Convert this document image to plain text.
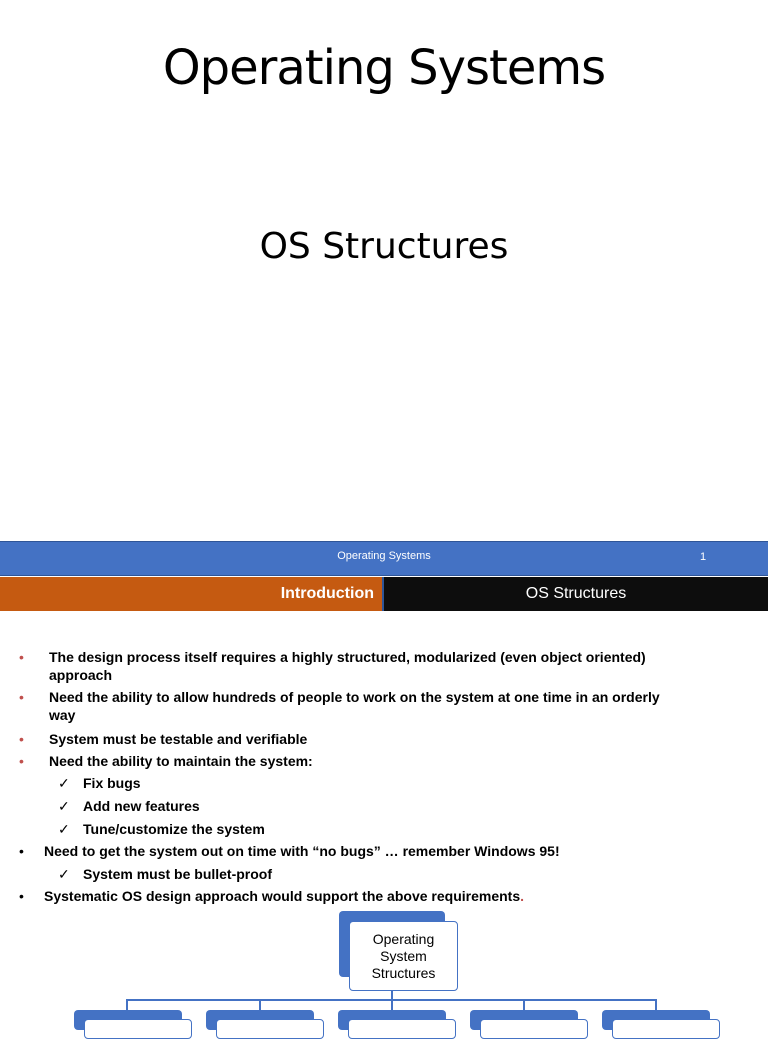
Operating Systems
OS Structures
Operating Systems	1
Introduction	OS Structures
• The design process itself requires a highly structured, modularized (even object oriented)
approach
• Need the ability to allow hundreds of people to work on the system at one time in an orderly
way
• System must be testable and verifiable
• Need the ability to maintain the system:
✓ Fix bugs
✓ Add new features
✓ Tune/customize the system
• Need to get the system out on time with “no bugs” … remember Windows 95!
✓ System must be bullet-proof
• Systematic OS design approach would support the above requirements.
Operating System Structures
